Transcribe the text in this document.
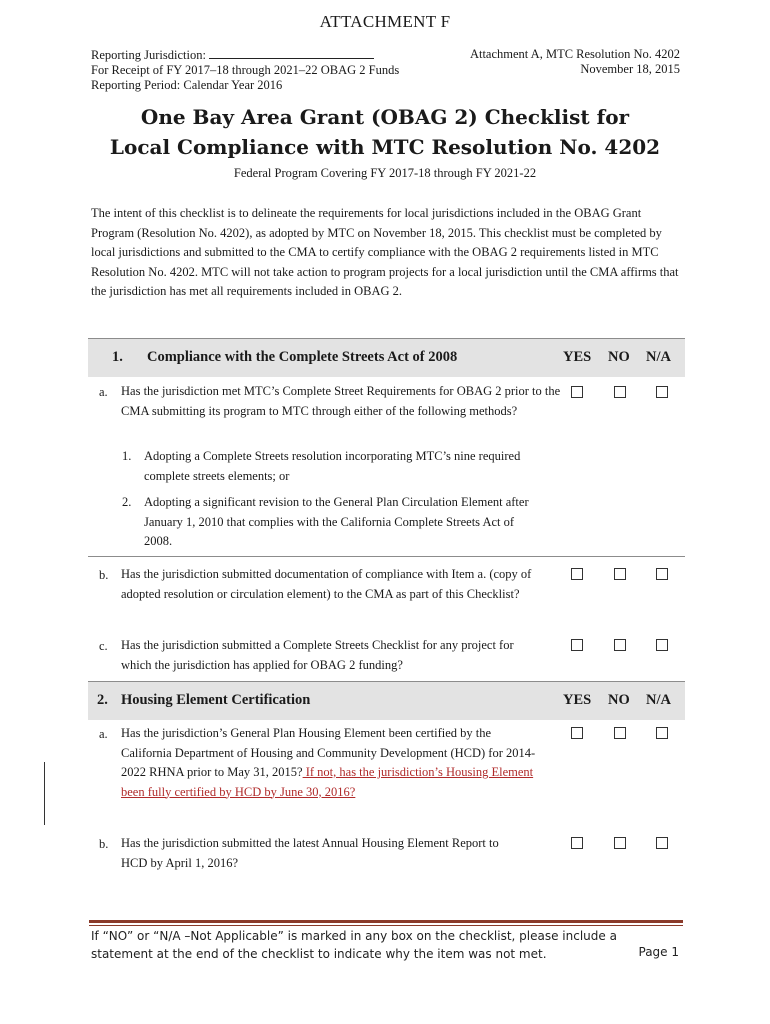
ATTACHMENT F
Reporting Jurisdiction:
For Receipt of FY 2017–18 through 2021–22 OBAG 2 Funds
Reporting Period: Calendar Year 2016
Attachment A, MTC Resolution No. 4202
November 18, 2015
One Bay Area Grant (OBAG 2) Checklist for
Local Compliance with MTC Resolution No. 4202
Federal Program Covering FY 2017-18 through FY 2021-22
The intent of this checklist is to delineate the requirements for local jurisdictions included in the OBAG Grant Program (Resolution No. 4202), as adopted by MTC on November 18, 2015. This checklist must be completed by local jurisdictions and submitted to the CMA to certify compliance with the OBAG 2 requirements listed in MTC Resolution No. 4202. MTC will not take action to program projects for a local jurisdiction until the CMA affirms that the jurisdiction has met all requirements included in OBAG 2.
1. Compliance with the Complete Streets Act of 2008	YES NO N/A
a. Has the jurisdiction met MTC’s Complete Street Requirements for OBAG 2 prior to the CMA submitting its program to MTC through either of the following methods?
1. Adopting a Complete Streets resolution incorporating MTC’s nine required complete streets elements; or
2. Adopting a significant revision to the General Plan Circulation Element after January 1, 2010 that complies with the California Complete Streets Act of 2008.
b. Has the jurisdiction submitted documentation of compliance with Item a. (copy of adopted resolution or circulation element) to the CMA as part of this Checklist?
c. Has the jurisdiction submitted a Complete Streets Checklist for any project for which the jurisdiction has applied for OBAG 2 funding?
2. Housing Element Certification	YES NO N/A
a. Has the jurisdiction’s General Plan Housing Element been certified by the California Department of Housing and Community Development (HCD) for 2014-2022 RHNA prior to May 31, 2015? If not, has the jurisdiction’s Housing Element been fully certified by HCD by June 30, 2016?
b. Has the jurisdiction submitted the latest Annual Housing Element Report to HCD by April 1, 2016?
If “NO” or “N/A –Not Applicable” is marked in any box on the checklist, please include a statement at the end of the checklist to indicate why the item was not met.	Page 1
